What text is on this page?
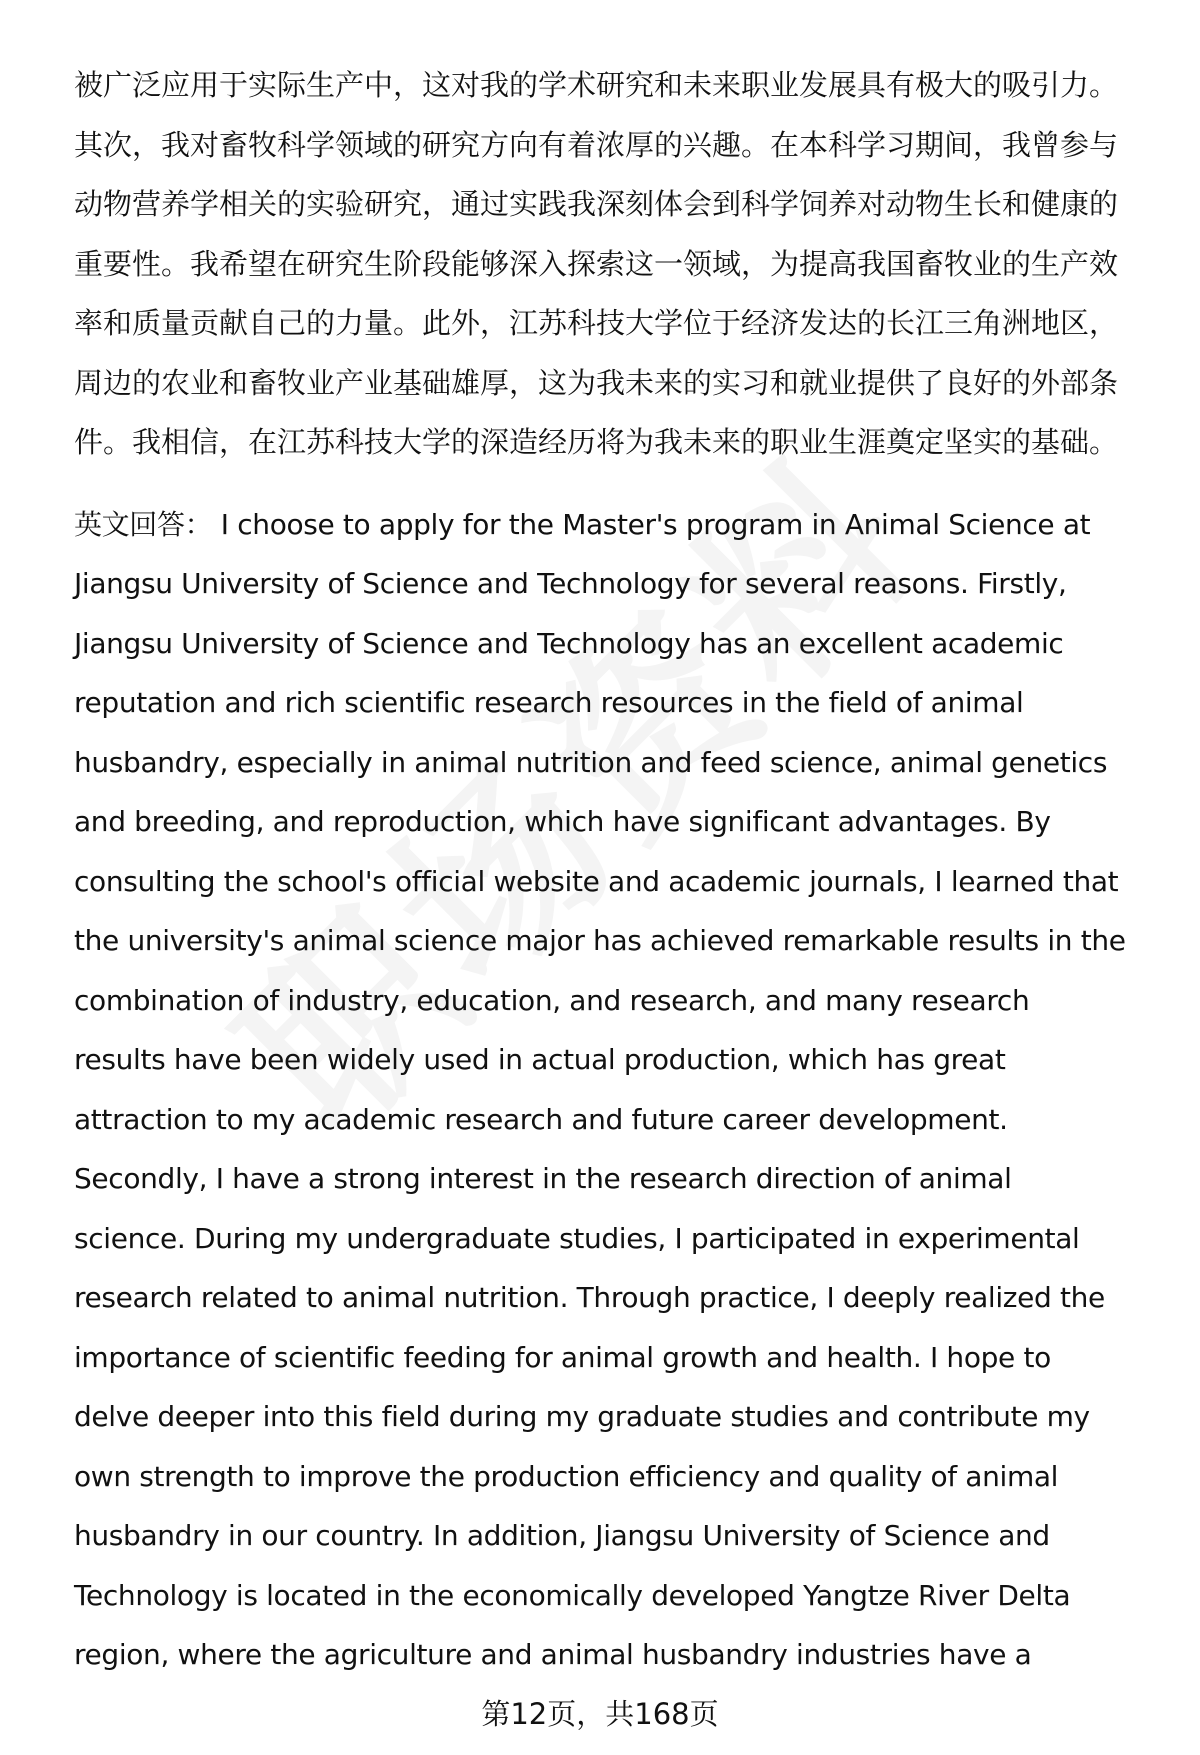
被广泛应用于实际生产中，这对我的学术研究和未来职业发展具有极大的吸引力。
其次，我对畜牧科学领域的研究方向有着浓厚的兴趣。在本科学习期间，我曾参与
动物营养学相关的实验研究，通过实践我深刻体会到科学饲养对动物生长和健康的
重要性。我希望在研究生阶段能够深入探索这一领域，为提高我国畜牧业的生产效
率和质量贡献自己的力量。此外，江苏科技大学位于经济发达的长江三角洲地区，
周边的农业和畜牧业产业基础雄厚，这为我未来的实习和就业提供了良好的外部条
件。我相信，在江苏科技大学的深造经历将为我未来的职业生涯奠定坚实的基础。
英文回答： I choose to apply for the Master's program in Animal Science at
Jiangsu University of Science and Technology for several reasons. Firstly,
Jiangsu University of Science and Technology has an excellent academic
reputation and rich scientific research resources in the field of animal
husbandry, especially in animal nutrition and feed science, animal genetics
and breeding, and reproduction, which have significant advantages. By
consulting the school's official website and academic journals, I learned that
the university's animal science major has achieved remarkable results in the
combination of industry, education, and research, and many research
results have been widely used in actual production, which has great
attraction to my academic research and future career development.
Secondly, I have a strong interest in the research direction of animal
science. During my undergraduate studies, I participated in experimental
research related to animal nutrition. Through practice, I deeply realized the
importance of scientific feeding for animal growth and health. I hope to
delve deeper into this field during my graduate studies and contribute my
own strength to improve the production efficiency and quality of animal
husbandry in our country. In addition, Jiangsu University of Science and
Technology is located in the economically developed Yangtze River Delta
region, where the agriculture and animal husbandry industries have a
第12页，共168页
